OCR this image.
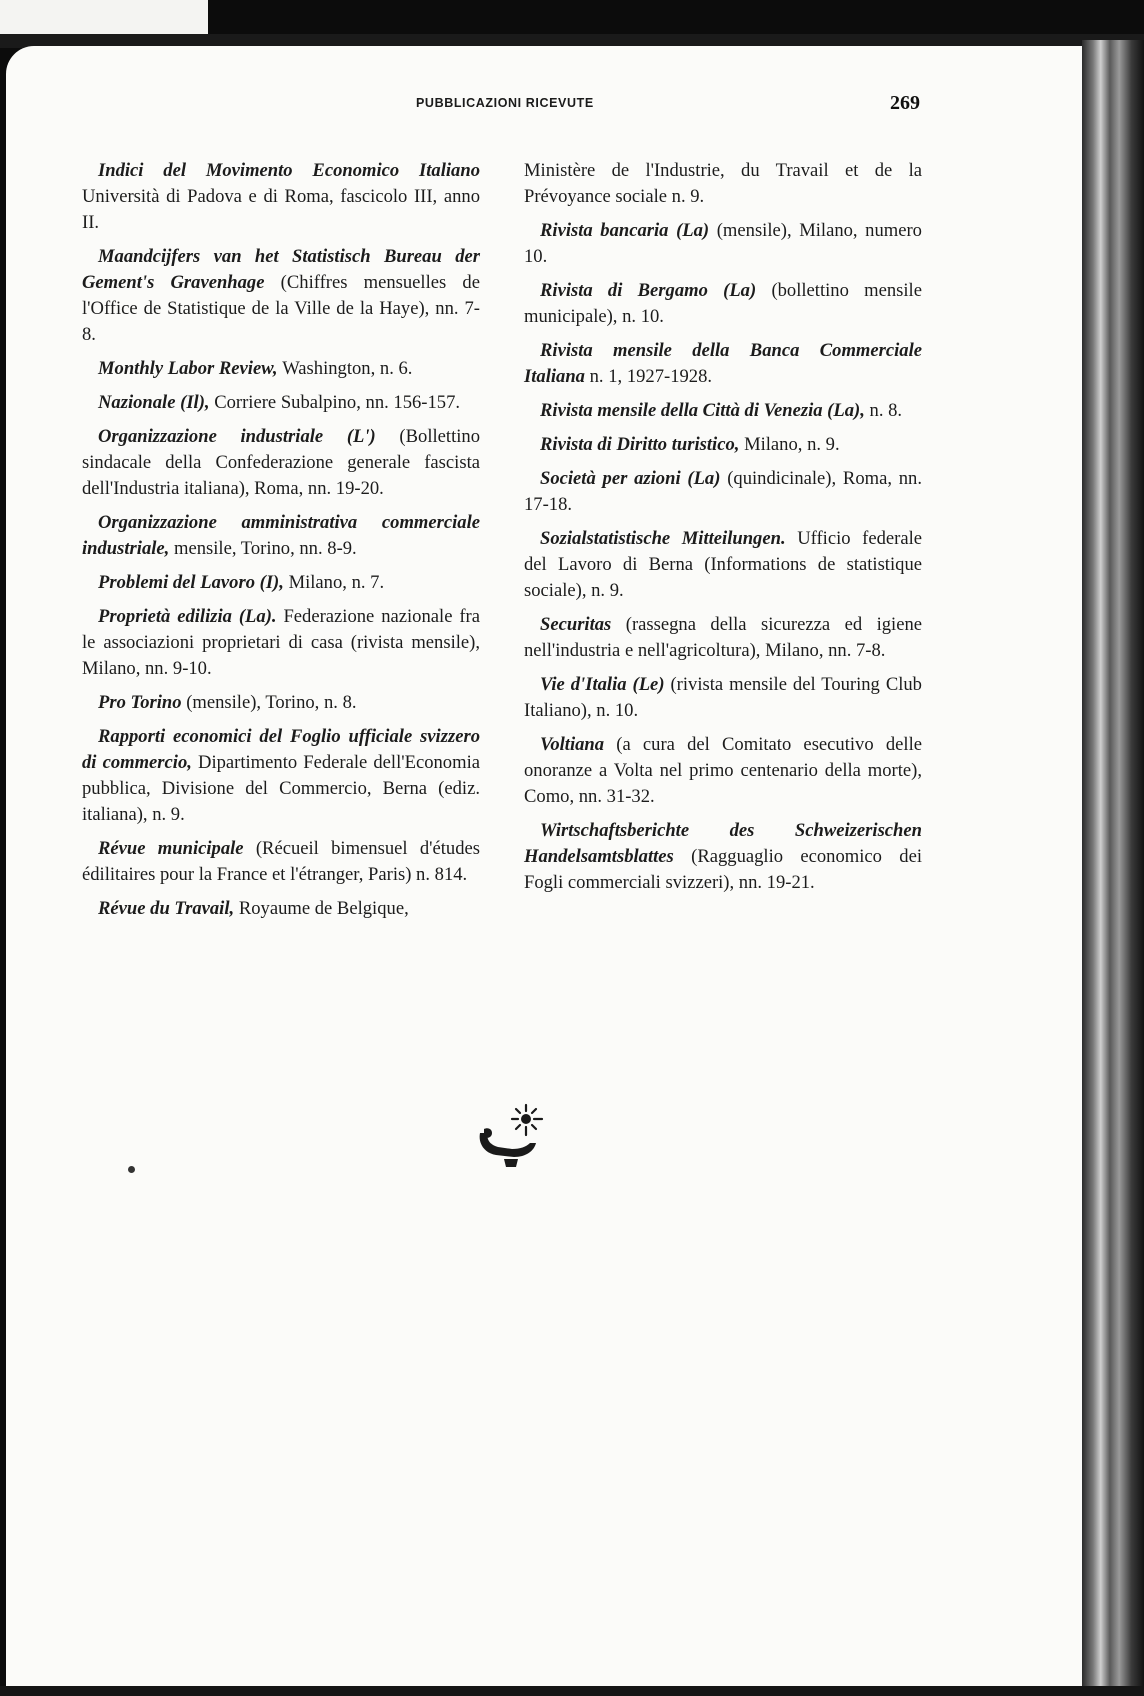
PUBBLICAZIONI RICEVUTE	269

Indici del Movimento Economico Italiano Università di Padova e di Roma, fascicolo III, anno II.

Maandcijfers van het Statistisch Bureau der Gement's Gravenhage (Chiffres mensuelles de l'Office de Statistique de la Ville de la Haye), nn. 7-8.

Monthly Labor Review, Washington, n. 6.

Nazionale (Il), Corriere Subalpino, nn. 156-157.

Organizzazione industriale (L') (Bollettino sindacale della Confederazione generale fascista dell'Industria italiana), Roma, nn. 19-20.

Organizzazione amministrativa commerciale industriale, mensile, Torino, nn. 8-9.

Problemi del Lavoro (I), Milano, n. 7.

Proprietà edilizia (La). Federazione nazionale fra le associazioni proprietari di casa (rivista mensile), Milano, nn. 9-10.

Pro Torino (mensile), Torino, n. 8.

Rapporti economici del Foglio ufficiale svizzero di commercio, Dipartimento Federale dell'Economia pubblica, Divisione del Commercio, Berna (ediz. italiana), n. 9.

Révue municipale (Récueil bimensuel d'études édilitaires pour la France et l'étranger, Paris) n. 814.

Révue du Travail, Royaume de Belgique,

Ministère de l'Industrie, du Travail et de la Prévoyance sociale n. 9.

Rivista bancaria (La) (mensile), Milano, numero 10.

Rivista di Bergamo (La) (bollettino mensile municipale), n. 10.

Rivista mensile della Banca Commerciale Italiana n. 1, 1927-1928.

Rivista mensile della Città di Venezia (La), n. 8.

Rivista di Diritto turistico, Milano, n. 9.

Società per azioni (La) (quindicinale), Roma, nn. 17-18.

Sozialstatistische Mitteilungen. Ufficio federale del Lavoro di Berna (Informations de statistique sociale), n. 9.

Securitas (rassegna della sicurezza ed igiene nell'industria e nell'agricoltura), Milano, nn. 7-8.

Vie d'Italia (Le) (rivista mensile del Touring Club Italiano), n. 10.

Voltiana (a cura del Comitato esecutivo delle onoranze a Volta nel primo centenario della morte), Como, nn. 31-32.

Wirtschaftsberichte des Schweizerischen Handelsamtsblattes (Ragguaglio economico dei Fogli commerciali svizzeri), nn. 19-21.
